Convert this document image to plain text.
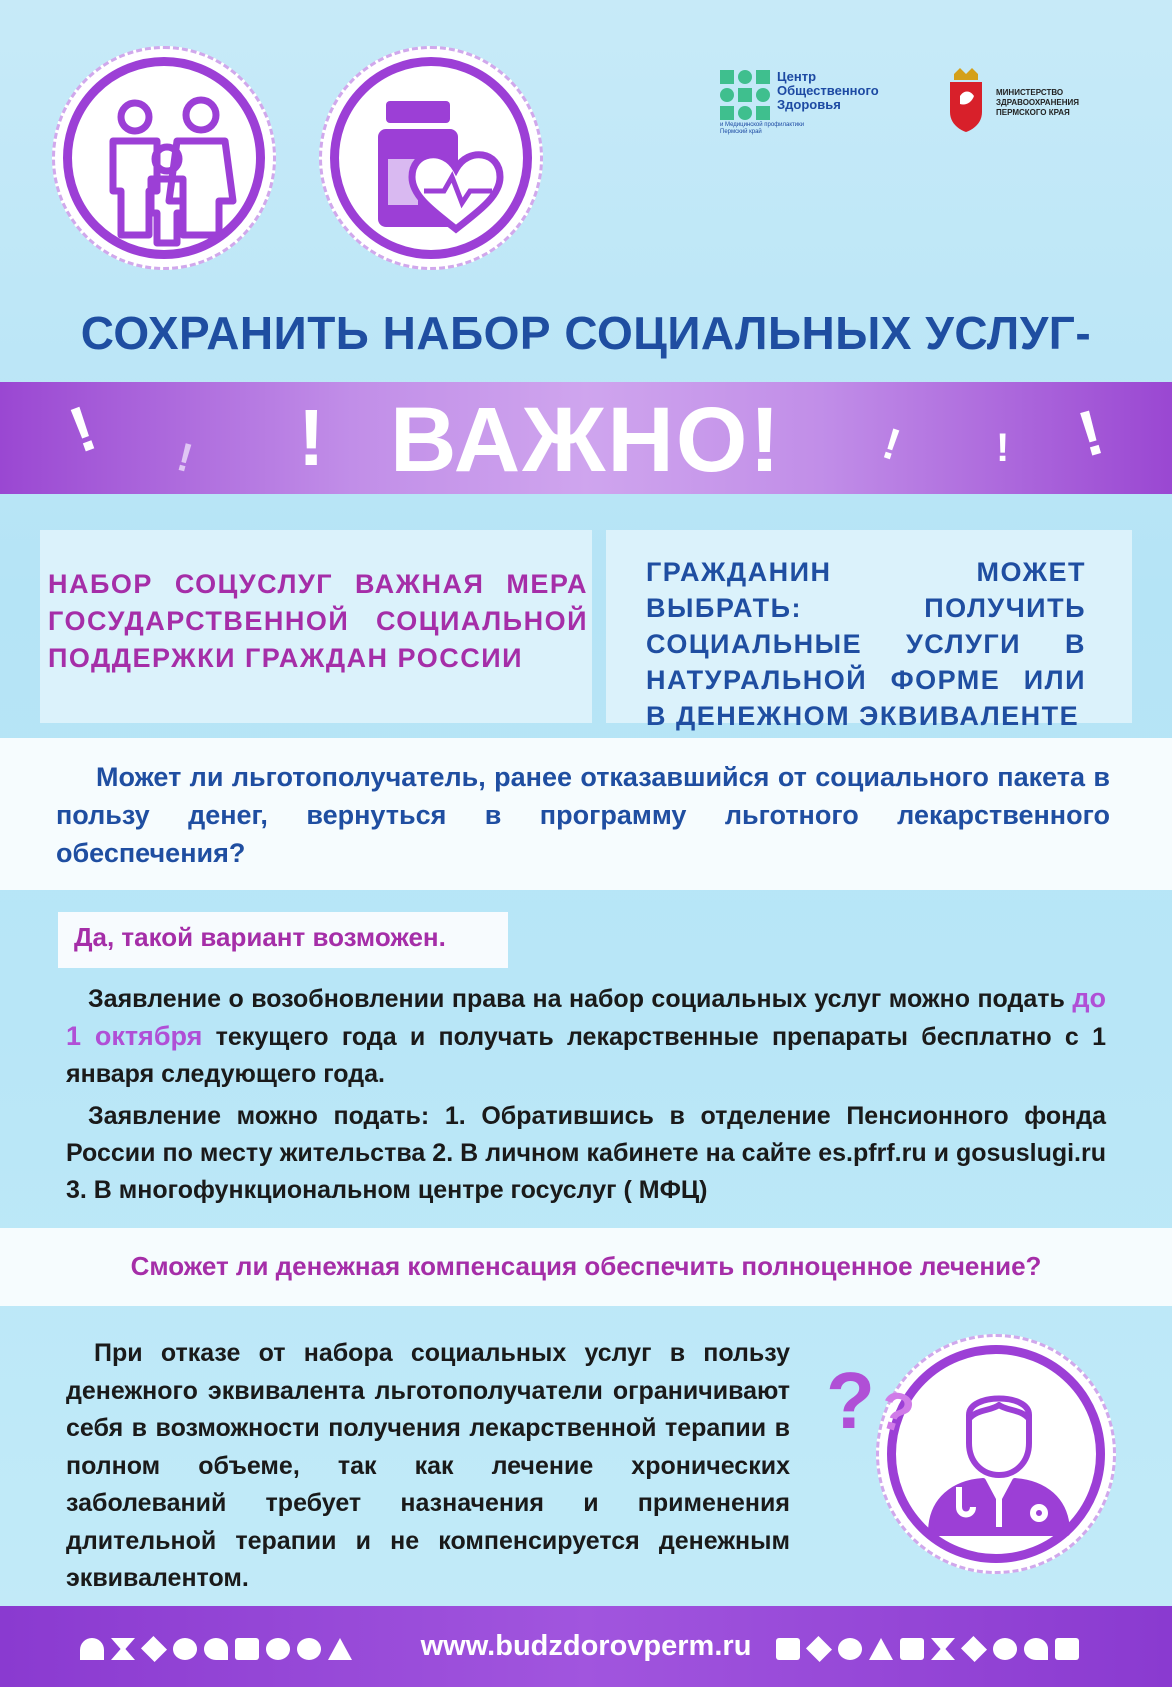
Центр
Общественного
Здоровья
и Медицинской профилактики
Пермский край
МИНИСТЕРСТВО
ЗДРАВООХРАНЕНИЯ
ПЕРМСКОГО КРАЯ
СОХРАНИТЬ НАБОР СОЦИАЛЬНЫХ УСЛУГ-
! ! !	! ! !
ВАЖНО!
НАБОР СОЦУСЛУГ ВАЖНАЯ МЕРА ГОСУДАРСТВЕННОЙ СОЦИАЛЬНОЙ ПОДДЕРЖКИ ГРАЖДАН РОССИИ
ГРАЖДАНИН МОЖЕТ ВЫБРАТЬ: ПОЛУЧИТЬ СОЦИАЛЬНЫЕ УСЛУГИ В НАТУРАЛЬНОЙ ФОРМЕ ИЛИ В ДЕНЕЖНОМ ЭКВИВАЛЕНТЕ
Может ли льготополучатель, ранее отказавшийся от социального пакета в пользу денег, вернуться в программу льготного лекарственного обеспечения?
Да, такой вариант возможен.
Заявление о возобновлении права на набор социальных услуг можно подать до 1 октября текущего года и получать лекарственные препараты бесплатно с 1 января следующего года.
Заявление можно подать: 1. Обратившись в отделение Пенсионного фонда России по месту жительства 2. В личном кабинете на сайте es.pfrf.ru и gosuslugi.ru 3. В многофункциональном центре госуслуг ( МФЦ)
Сможет ли денежная компенсация обеспечить полноценное лечение?
При отказе от набора социальных услуг в пользу денежного эквивалента льготополучатели ограничивают себя в возможности получения лекарственной терапии в полном объеме, так как лечение хронических заболеваний требует назначения и применения длительной терапии и не компенсируется денежным эквивалентом.
?
?
www.budzdorovperm.ru
